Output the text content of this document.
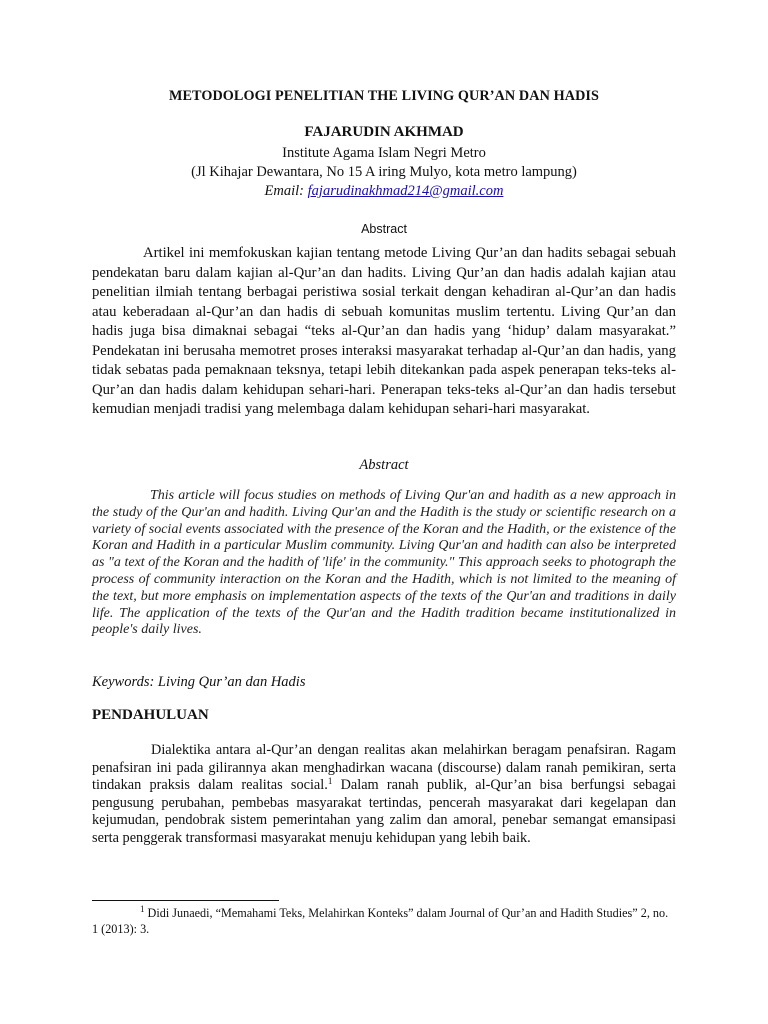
METODOLOGI PENELITIAN THE LIVING QUR’AN DAN HADIS
FAJARUDIN AKHMAD
Institute Agama Islam Negri Metro
(Jl Kihajar Dewantara, No 15 A iring Mulyo, kota metro lampung)
Email: fajarudinakhmad214@gmail.com
Abstract
Artikel ini memfokuskan kajian tentang metode Living Qur’an dan hadits sebagai sebuah pendekatan baru dalam kajian al-Qur’an dan hadits. Living Qur’an dan hadis adalah kajian atau penelitian ilmiah tentang berbagai peristiwa sosial terkait dengan kehadiran al-Qur’an dan hadis atau keberadaan al-Qur’an dan hadis di sebuah komunitas muslim tertentu. Living Qur’an dan hadis juga bisa dimaknai sebagai “teks al-Qur’an dan hadis yang ‘hidup’ dalam masyarakat.” Pendekatan ini berusaha memotret proses interaksi masyarakat terhadap al-Qur’an dan hadis, yang tidak sebatas pada pemaknaan teksnya, tetapi lebih ditekankan pada aspek penerapan teks-teks al-Qur’an dan hadis dalam kehidupan sehari-hari. Penerapan teks-teks al-Qur’an dan hadis tersebut kemudian menjadi tradisi yang melembaga dalam kehidupan sehari-hari masyarakat.
Abstract
This article will focus studies on methods of Living Qur'an and hadith as a new approach in the study of the Qur'an and hadith. Living Qur'an and the Hadith is the study or scientific research on a variety of social events associated with the presence of the Koran and the Hadith, or the existence of the Koran and Hadith in a particular Muslim community. Living Qur'an and hadith can also be interpreted as "a text of the Koran and the hadith of 'life' in the community." This approach seeks to photograph the process of community interaction on the Koran and the Hadith, which is not limited to the meaning of the text, but more emphasis on implementation aspects of the texts of the Qur'an and traditions in daily life. The application of the texts of the Qur'an and the Hadith tradition became institutionalized in people's daily lives.
Keywords: Living Qur’an dan Hadis
PENDAHULUAN
Dialektika antara al-Qur’an dengan realitas akan melahirkan beragam penafsiran. Ragam penafsiran ini pada gilirannya akan menghadirkan wacana (discourse) dalam ranah pemikiran, serta tindakan praksis dalam realitas social.$^1$ Dalam ranah publik, al-Qur’an bisa berfungsi sebagai pengusung perubahan, pembebas masyarakat tertindas, pencerah masyarakat dari kegelapan dan kejumudan, pendobrak sistem pemerintahan yang zalim dan amoral, penebar semangat emansipasi serta penggerak transformasi masyarakat menuju kehidupan yang lebih baik.
$^1$ Didi Junaedi, “Memahami Teks, Melahirkan Konteks” dalam Journal of Qur’an and Hadith Studies” 2, no. 1 (2013): 3.
